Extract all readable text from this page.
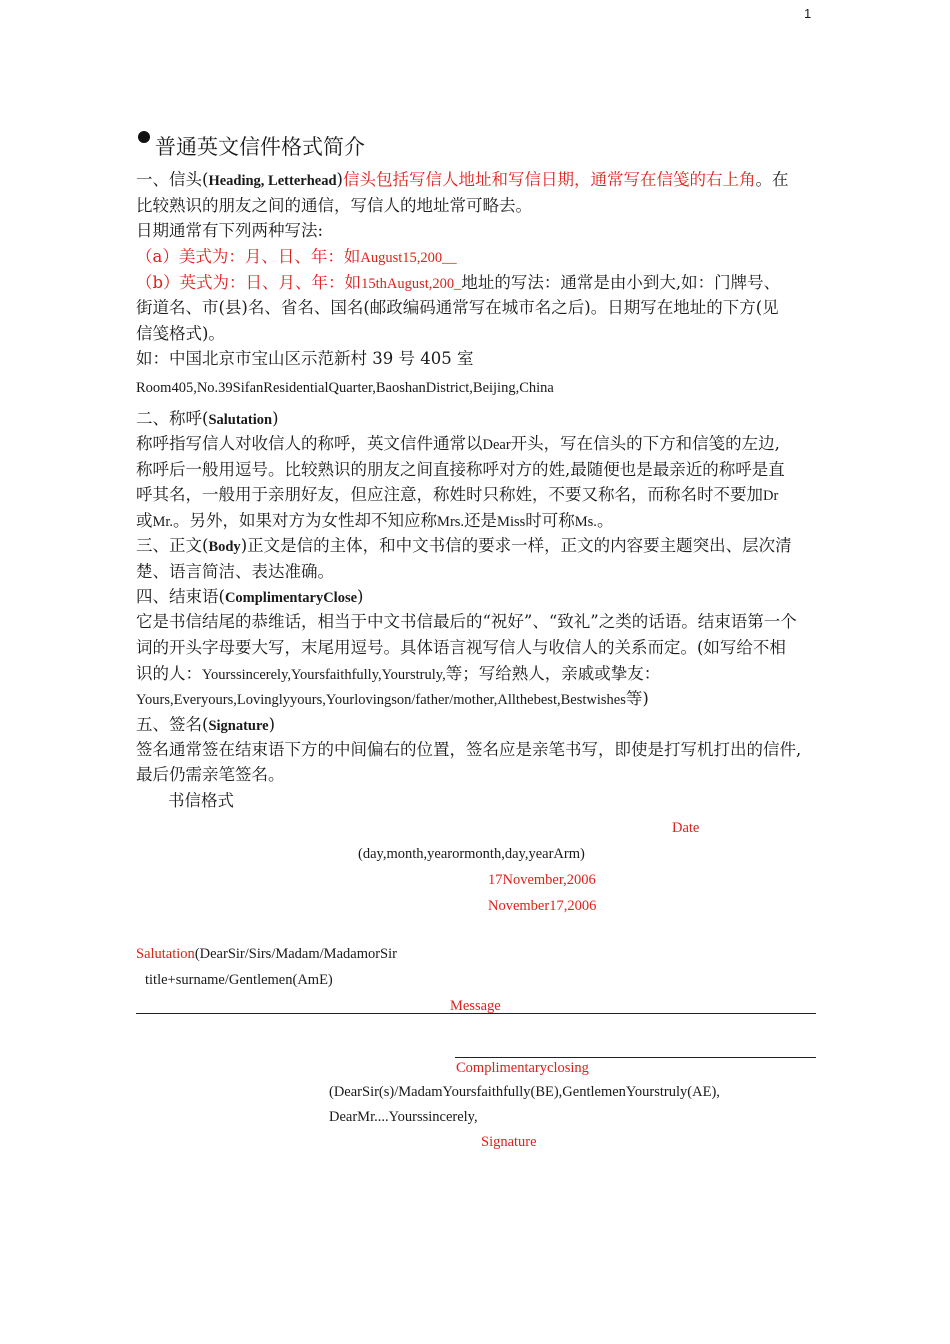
1
普通英文信件格式简介
一、信头(Heading, Letterhead)信头包括写信人地址和写信日期，通常写在信笺的右上角。在
比较熟识的朋友之间的通信，写信人的地址常可略去。
日期通常有下列两种写法:
（a）美式为：月、日、年：如August15,200__
（b）英式为：日、月、年：如15thAugust,200_地址的写法：通常是由小到大,如：门牌号、
街道名、市(县)名、省名、国名(邮政编码通常写在城市名之后)。日期写在地址的下方(见
信笺格式)。
如：中国北京市宝山区示范新村 39 号 405 室
Room405,No.39SifanResidentialQuarter,BaoshanDistrict,Beijing,China
二、称呼(Salutation)
称呼指写信人对收信人的称呼，英文信件通常以Dear开头，写在信头的下方和信笺的左边,
称呼后一般用逗号。比较熟识的朋友之间直接称呼对方的姓,最随便也是最亲近的称呼是直
呼其名，一般用于亲朋好友，但应注意，称姓时只称姓，不要又称名，而称名时不要加Dr
或Mr.。另外，如果对方为女性却不知应称Mrs.还是Miss时可称Ms.。
三、正文(Body)正文是信的主体，和中文书信的要求一样，正文的内容要主题突出、层次清
楚、语言简洁、表达准确。
四、结束语(ComplimentaryClose)
它是书信结尾的恭维话，相当于中文书信最后的“祝好”、“致礼”之类的话语。结束语第一个
词的开头字母要大写，末尾用逗号。具体语言视写信人与收信人的关系而定。(如写给不相
识的人：Yourssincerely,Yoursfaithfully,Yourstruly,等；写给熟人，亲戚或挚友：
Yours,Everyours,Lovinglyyours,Yourlovingson/father/mother,Allthebest,Bestwishes等)
五、签名(Signature)
签名通常签在结束语下方的中间偏右的位置，签名应是亲笔书写，即使是打写机打出的信件,
最后仍需亲笔签名。
书信格式
Date
(day,month,yearormonth,day,yearArm)
17November,2006
November17,2006
Salutation(DearSir/Sirs/Madam/MadamorSir
title+surname/Gentlemen(AmE)
Message
Complimentaryclosing
(DearSir(s)/MadamYoursfaithfully(BE),GentlemenYourstruly(AE),
DearMr....Yourssincerely,
Signature
